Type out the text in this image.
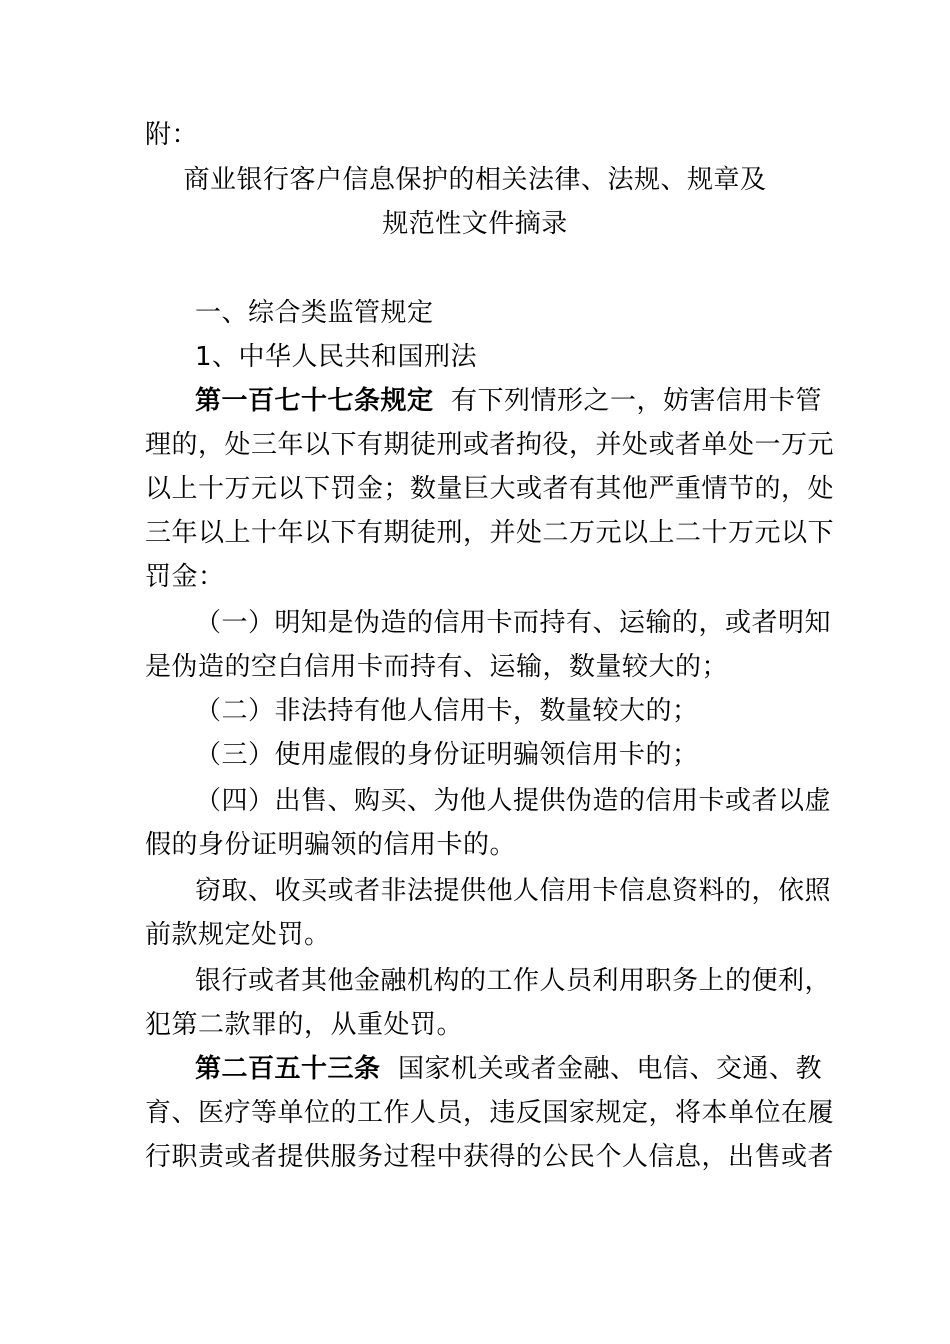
附：
商业银行客户信息保护的相关法律、法规、规章及
规范性文件摘录
一、综合类监管规定
1、中华人民共和国刑法
第一百七十七条规定 有下列情形之一，妨害信用卡管
理的，处三年以下有期徒刑或者拘役，并处或者单处一万元
以上十万元以下罚金；数量巨大或者有其他严重情节的，处
三年以上十年以下有期徒刑，并处二万元以上二十万元以下
罚金：
（一）明知是伪造的信用卡而持有、运输的，或者明知
是伪造的空白信用卡而持有、运输，数量较大的；
（二）非法持有他人信用卡，数量较大的；
（三）使用虚假的身份证明骗领信用卡的；
（四）出售、购买、为他人提供伪造的信用卡或者以虚
假的身份证明骗领的信用卡的。
窃取、收买或者非法提供他人信用卡信息资料的，依照
前款规定处罚。
银行或者其他金融机构的工作人员利用职务上的便利，
犯第二款罪的，从重处罚。
第二百五十三条 国家机关或者金融、电信、交通、教
育、医疗等单位的工作人员，违反国家规定，将本单位在履
行职责或者提供服务过程中获得的公民个人信息，出售或者
